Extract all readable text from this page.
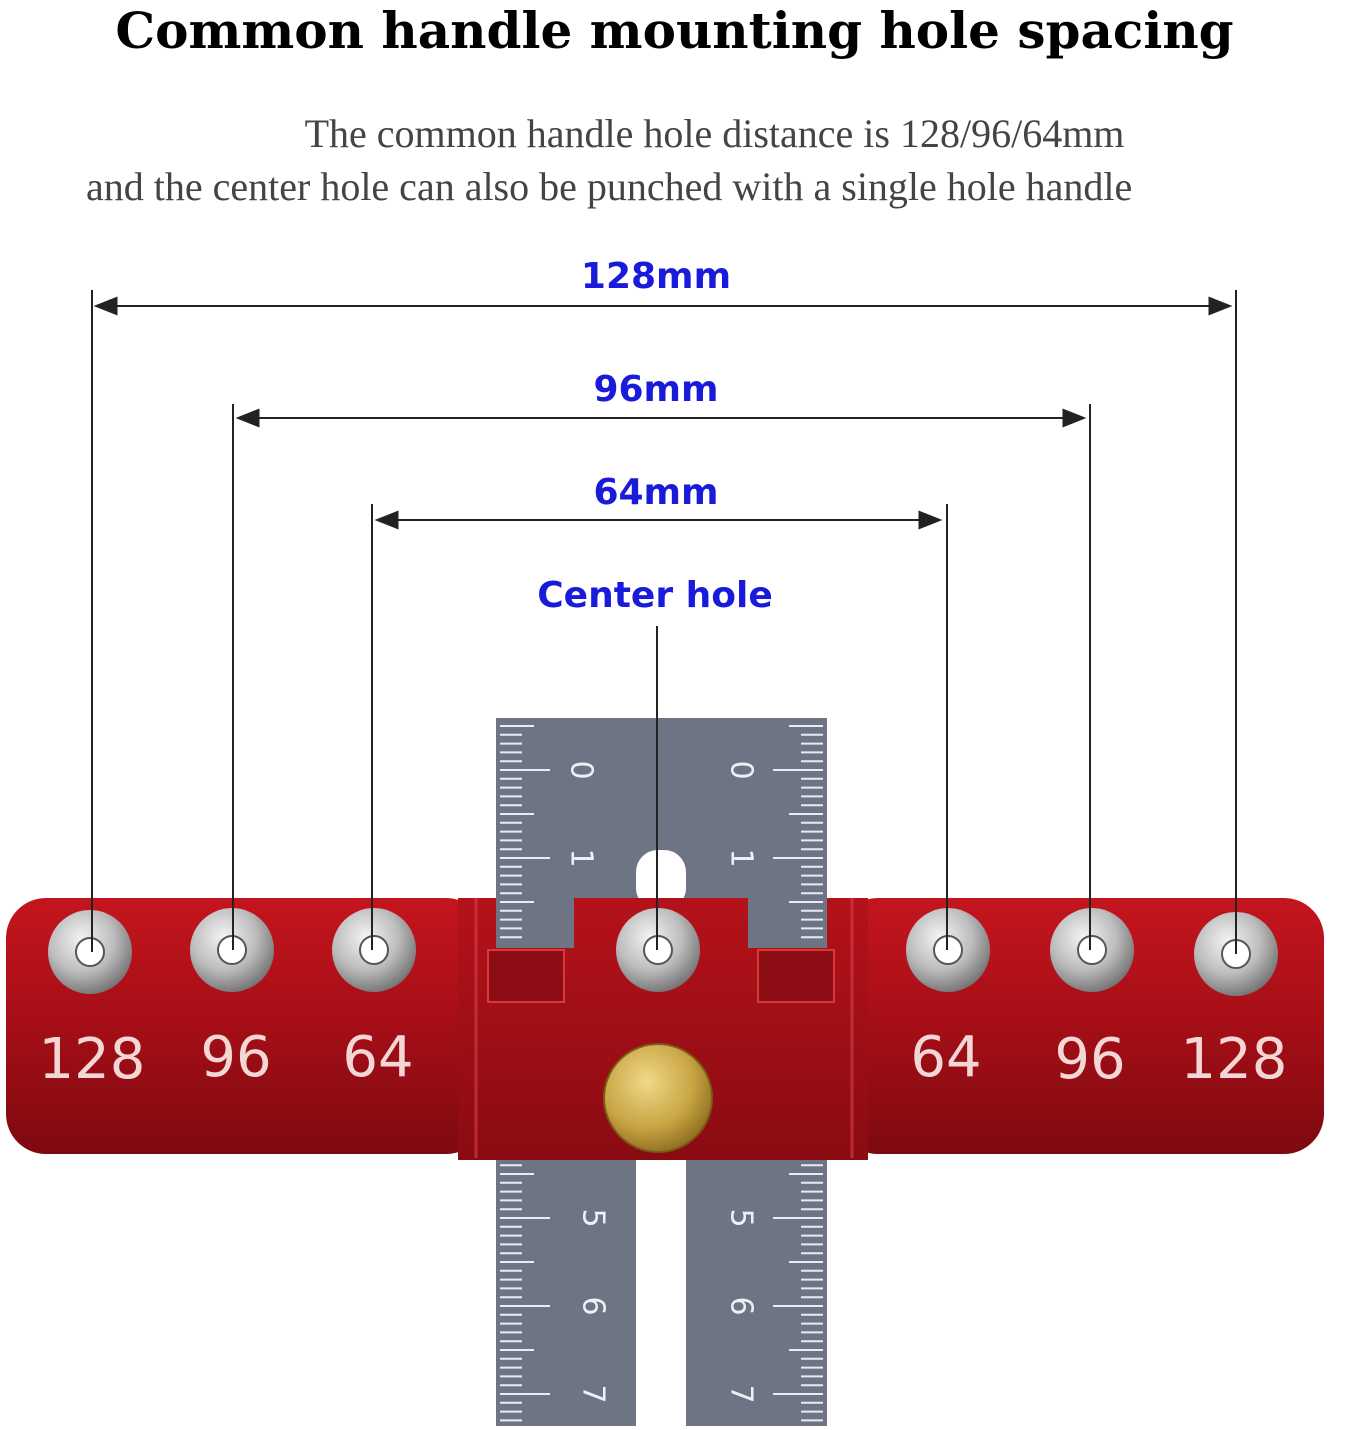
Common handle mounting hole spacing
The common handle hole distance is 128/96/64mm
and the center hole can also be punched with a single hole handle
0	0
1	1
5	5
6	6
7	7
128 96 64	64 96 128
128mm
96mm
64mm
Center hole
